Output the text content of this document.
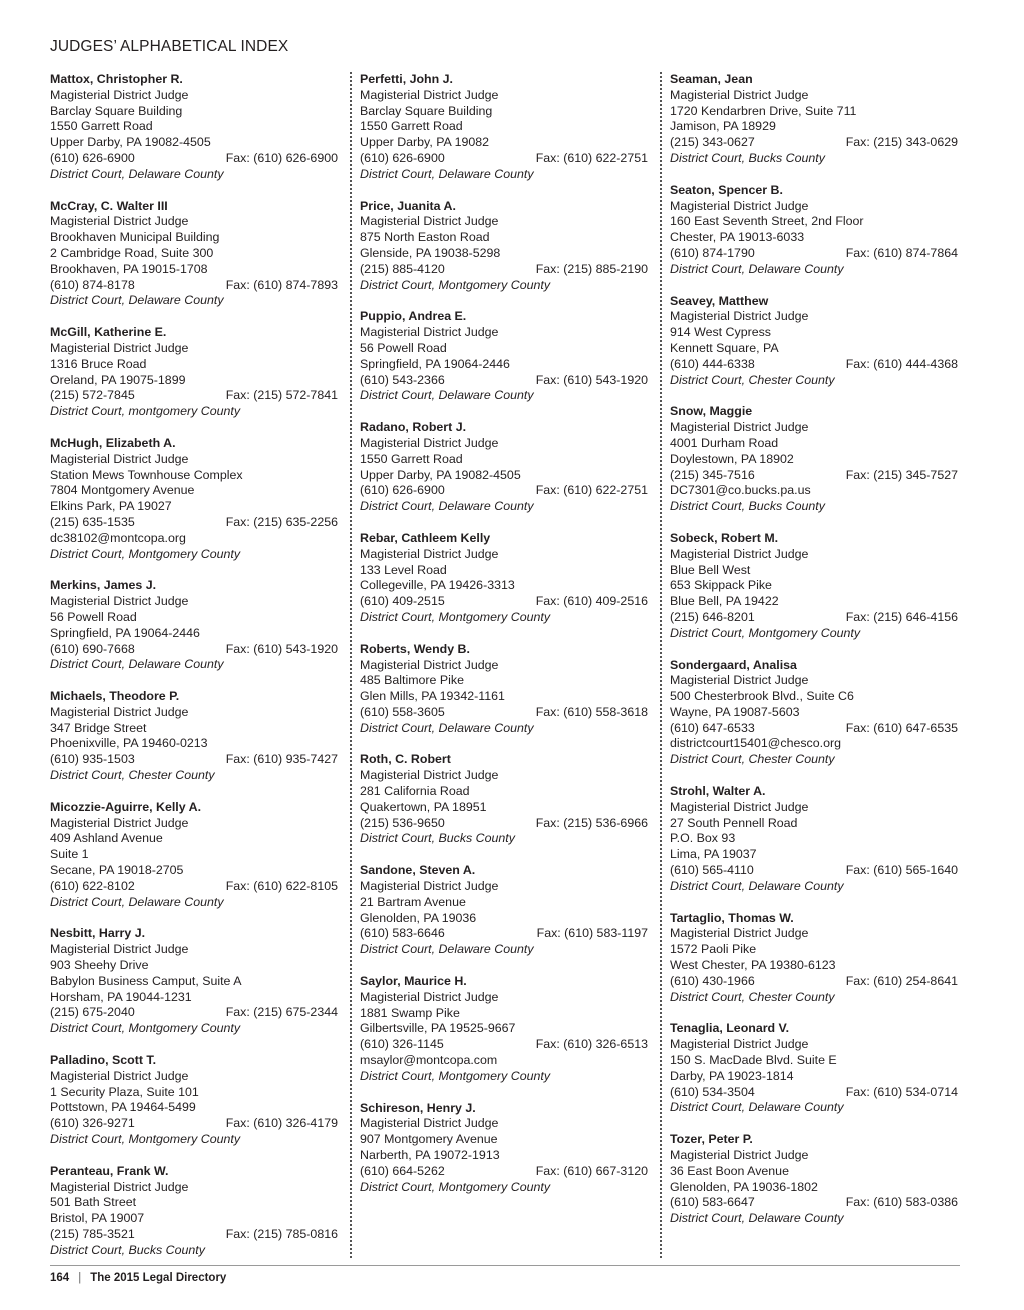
JUDGES’ ALPHABETICAL INDEX
Mattox, Christopher R.
Magisterial District Judge
Barclay Square Building
1550 Garrett Road
Upper Darby, PA 19082-4505
(610) 626-6900	Fax: (610) 626-6900
District Court, Delaware County
McCray, C. Walter III
Magisterial District Judge
Brookhaven Municipal Building
2 Cambridge Road, Suite 300
Brookhaven, PA 19015-1708
(610) 874-8178	Fax: (610) 874-7893
District Court, Delaware County
McGill, Katherine E.
Magisterial District Judge
1316 Bruce Road
Oreland, PA 19075-1899
(215) 572-7845	Fax: (215) 572-7841
District Court, montgomery County
McHugh, Elizabeth A.
Magisterial District Judge
Station Mews Townhouse Complex
7804 Montgomery Avenue
Elkins Park, PA 19027
(215) 635-1535	Fax: (215) 635-2256
dc38102@montcopa.org
District Court, Montgomery County
Merkins, James J.
Magisterial District Judge
56 Powell Road
Springfield, PA 19064-2446
(610) 690-7668	Fax: (610) 543-1920
District Court, Delaware County
Michaels, Theodore P.
Magisterial District Judge
347 Bridge Street
Phoenixville, PA 19460-0213
(610) 935-1503	Fax: (610) 935-7427
District Court, Chester County
Micozzie-Aguirre, Kelly A.
Magisterial District Judge
409 Ashland Avenue
Suite 1
Secane, PA 19018-2705
(610) 622-8102	Fax: (610) 622-8105
District Court, Delaware County
Nesbitt, Harry J.
Magisterial District Judge
903 Sheehy Drive
Babylon Business Camput, Suite A
Horsham, PA 19044-1231
(215) 675-2040	Fax: (215) 675-2344
District Court, Montgomery County
Palladino, Scott T.
Magisterial District Judge
1 Security Plaza, Suite 101
Pottstown, PA 19464-5499
(610) 326-9271	Fax: (610) 326-4179
District Court, Montgomery County
Peranteau, Frank W.
Magisterial District Judge
501 Bath Street
Bristol, PA 19007
(215) 785-3521	Fax: (215) 785-0816
District Court, Bucks County
Perfetti, John J.
Magisterial District Judge
Barclay Square Building
1550 Garrett Road
Upper Darby, PA 19082
(610) 626-6900	Fax: (610) 622-2751
District Court, Delaware County
Price, Juanita A.
Magisterial District Judge
875 North Easton Road
Glenside, PA 19038-5298
(215) 885-4120	Fax: (215) 885-2190
District Court, Montgomery County
Puppio, Andrea E.
Magisterial District Judge
56 Powell Road
Springfield, PA 19064-2446
(610) 543-2366	Fax: (610) 543-1920
District Court, Delaware County
Radano, Robert J.
Magisterial District Judge
1550 Garrett Road
Upper Darby, PA 19082-4505
(610) 626-6900	Fax: (610) 622-2751
District Court, Delaware County
Rebar, Cathleem Kelly
Magisterial District Judge
133 Level Road
Collegeville, PA 19426-3313
(610) 409-2515	Fax: (610) 409-2516
District Court, Montgomery County
Roberts, Wendy B.
Magisterial District Judge
485 Baltimore Pike
Glen Mills, PA 19342-1161
(610) 558-3605	Fax: (610) 558-3618
District Court, Delaware County
Roth, C. Robert
Magisterial District Judge
281 California Road
Quakertown, PA 18951
(215) 536-9650	Fax: (215) 536-6966
District Court, Bucks County
Sandone, Steven A.
Magisterial District Judge
21 Bartram Avenue
Glenolden, PA 19036
(610) 583-6646	Fax: (610) 583-1197
District Court, Delaware County
Saylor, Maurice H.
Magisterial District Judge
1881 Swamp Pike
Gilbertsville, PA 19525-9667
(610) 326-1145	Fax: (610) 326-6513
msaylor@montcopa.com
District Court, Montgomery County
Schireson, Henry J.
Magisterial District Judge
907 Montgomery Avenue
Narberth, PA 19072-1913
(610) 664-5262	Fax: (610) 667-3120
District Court, Montgomery County
Seaman, Jean
Magisterial District Judge
1720 Kendarbren Drive, Suite 711
Jamison, PA 18929
(215) 343-0627	Fax: (215) 343-0629
District Court, Bucks County
Seaton, Spencer B.
Magisterial District Judge
160 East Seventh Street, 2nd Floor
Chester, PA 19013-6033
(610) 874-1790	Fax: (610) 874-7864
District Court, Delaware County
Seavey, Matthew
Magisterial District Judge
914 West Cypress
Kennett Square, PA
(610) 444-6338	Fax: (610) 444-4368
District Court, Chester County
Snow, Maggie
Magisterial District Judge
4001 Durham Road
Doylestown, PA 18902
(215) 345-7516	Fax: (215) 345-7527
DC7301@co.bucks.pa.us
District Court, Bucks County
Sobeck, Robert M.
Magisterial District Judge
Blue Bell West
653 Skippack Pike
Blue Bell, PA 19422
(215) 646-8201	Fax: (215) 646-4156
District Court, Montgomery County
Sondergaard, Analisa
Magisterial District Judge
500 Chesterbrook Blvd., Suite C6
Wayne, PA 19087-5603
(610) 647-6533	Fax: (610) 647-6535
districtcourt15401@chesco.org
District Court, Chester County
Strohl, Walter A.
Magisterial District Judge
27 South Pennell Road
P.O. Box 93
Lima, PA 19037
(610) 565-4110	Fax: (610) 565-1640
District Court, Delaware County
Tartaglio, Thomas W.
Magisterial District Judge
1572 Paoli Pike
West Chester, PA 19380-6123
(610) 430-1966	Fax: (610) 254-8641
District Court, Chester County
Tenaglia, Leonard V.
Magisterial District Judge
150 S. MacDade Blvd. Suite E
Darby, PA 19023-1814
(610) 534-3504	Fax: (610) 534-0714
District Court, Delaware County
Tozer, Peter P.
Magisterial District Judge
36 East Boon Avenue
Glenolden, PA 19036-1802
(610) 583-6647	Fax: (610) 583-0386
District Court, Delaware County
164 | The 2015 Legal Directory
